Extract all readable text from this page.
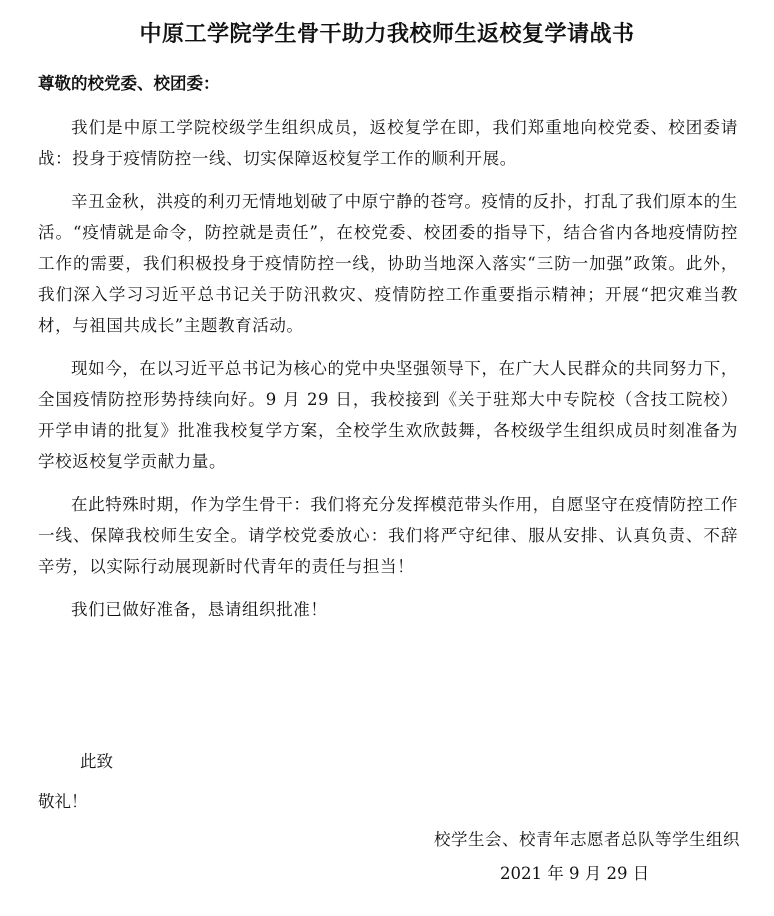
中原工学院学生骨干助力我校师生返校复学请战书
尊敬的校党委、校团委：

我们是中原工学院校级学生组织成员，返校复学在即，我们郑重地向校党委、校团委请战：投身于疫情防控一线、切实保障返校复学工作的顺利开展。

辛丑金秋，洪疫的利刃无情地划破了中原宁静的苍穹。疫情的反扑，打乱了我们原本的生活。“疫情就是命令，防控就是责任”，在校党委、校团委的指导下，结合省内各地疫情防控工作的需要，我们积极投身于疫情防控一线，协助当地深入落实“三防一加强”政策。此外，我们深入学习习近平总书记关于防汛救灾、疫情防控工作重要指示精神；开展“把灾难当教材，与祖国共成长”主题教育活动。

现如今，在以习近平总书记为核心的党中央坚强领导下，在广大人民群众的共同努力下，全国疫情防控形势持续向好。9 月 29 日，我校接到《关于驻郑大中专院校（含技工院校）开学申请的批复》批准我校复学方案，全校学生欢欣鼓舞，各校级学生组织成员时刻准备为学校返校复学贡献力量。

在此特殊时期，作为学生骨干：我们将充分发挥模范带头作用，自愿坚守在疫情防控工作一线、保障我校师生安全。请学校党委放心：我们将严守纪律、服从安排、认真负责、不辞辛劳，以实际行动展现新时代青年的责任与担当！

我们已做好准备，恳请组织批准！

此致
敬礼！
校学生会、校青年志愿者总队等学生组织
2021 年 9 月 29 日
